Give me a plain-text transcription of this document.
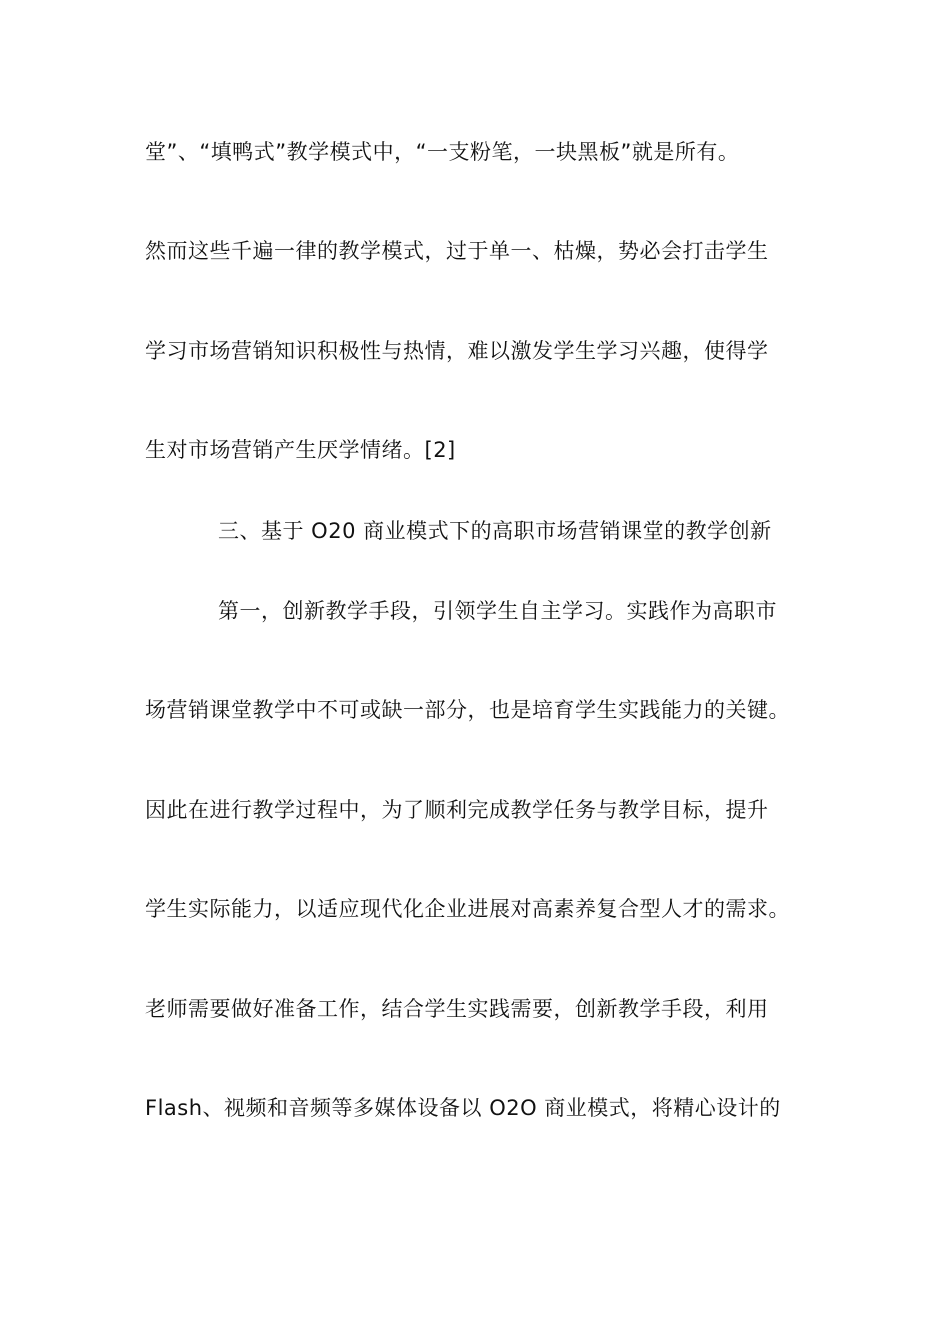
堂”、“填鸭式”教学模式中，“一支粉笔，一块黑板”就是所有。
然而这些千遍一律的教学模式，过于单一、枯燥，势必会打击学生
学习市场营销知识积极性与热情，难以激发学生学习兴趣，使得学
生对市场营销产生厌学情绪。[2]
三、基于 O20 商业模式下的高职市场营销课堂的教学创新
第一，创新教学手段，引领学生自主学习。实践作为高职市
场营销课堂教学中不可或缺一部分，也是培育学生实践能力的关键。
因此在进行教学过程中，为了顺利完成教学任务与教学目标，提升
学生实际能力，以适应现代化企业进展对高素养复合型人才的需求。
老师需要做好准备工作，结合学生实践需要，创新教学手段，利用
Flash、视频和音频等多媒体设备以 O2O 商业模式，将精心设计的
